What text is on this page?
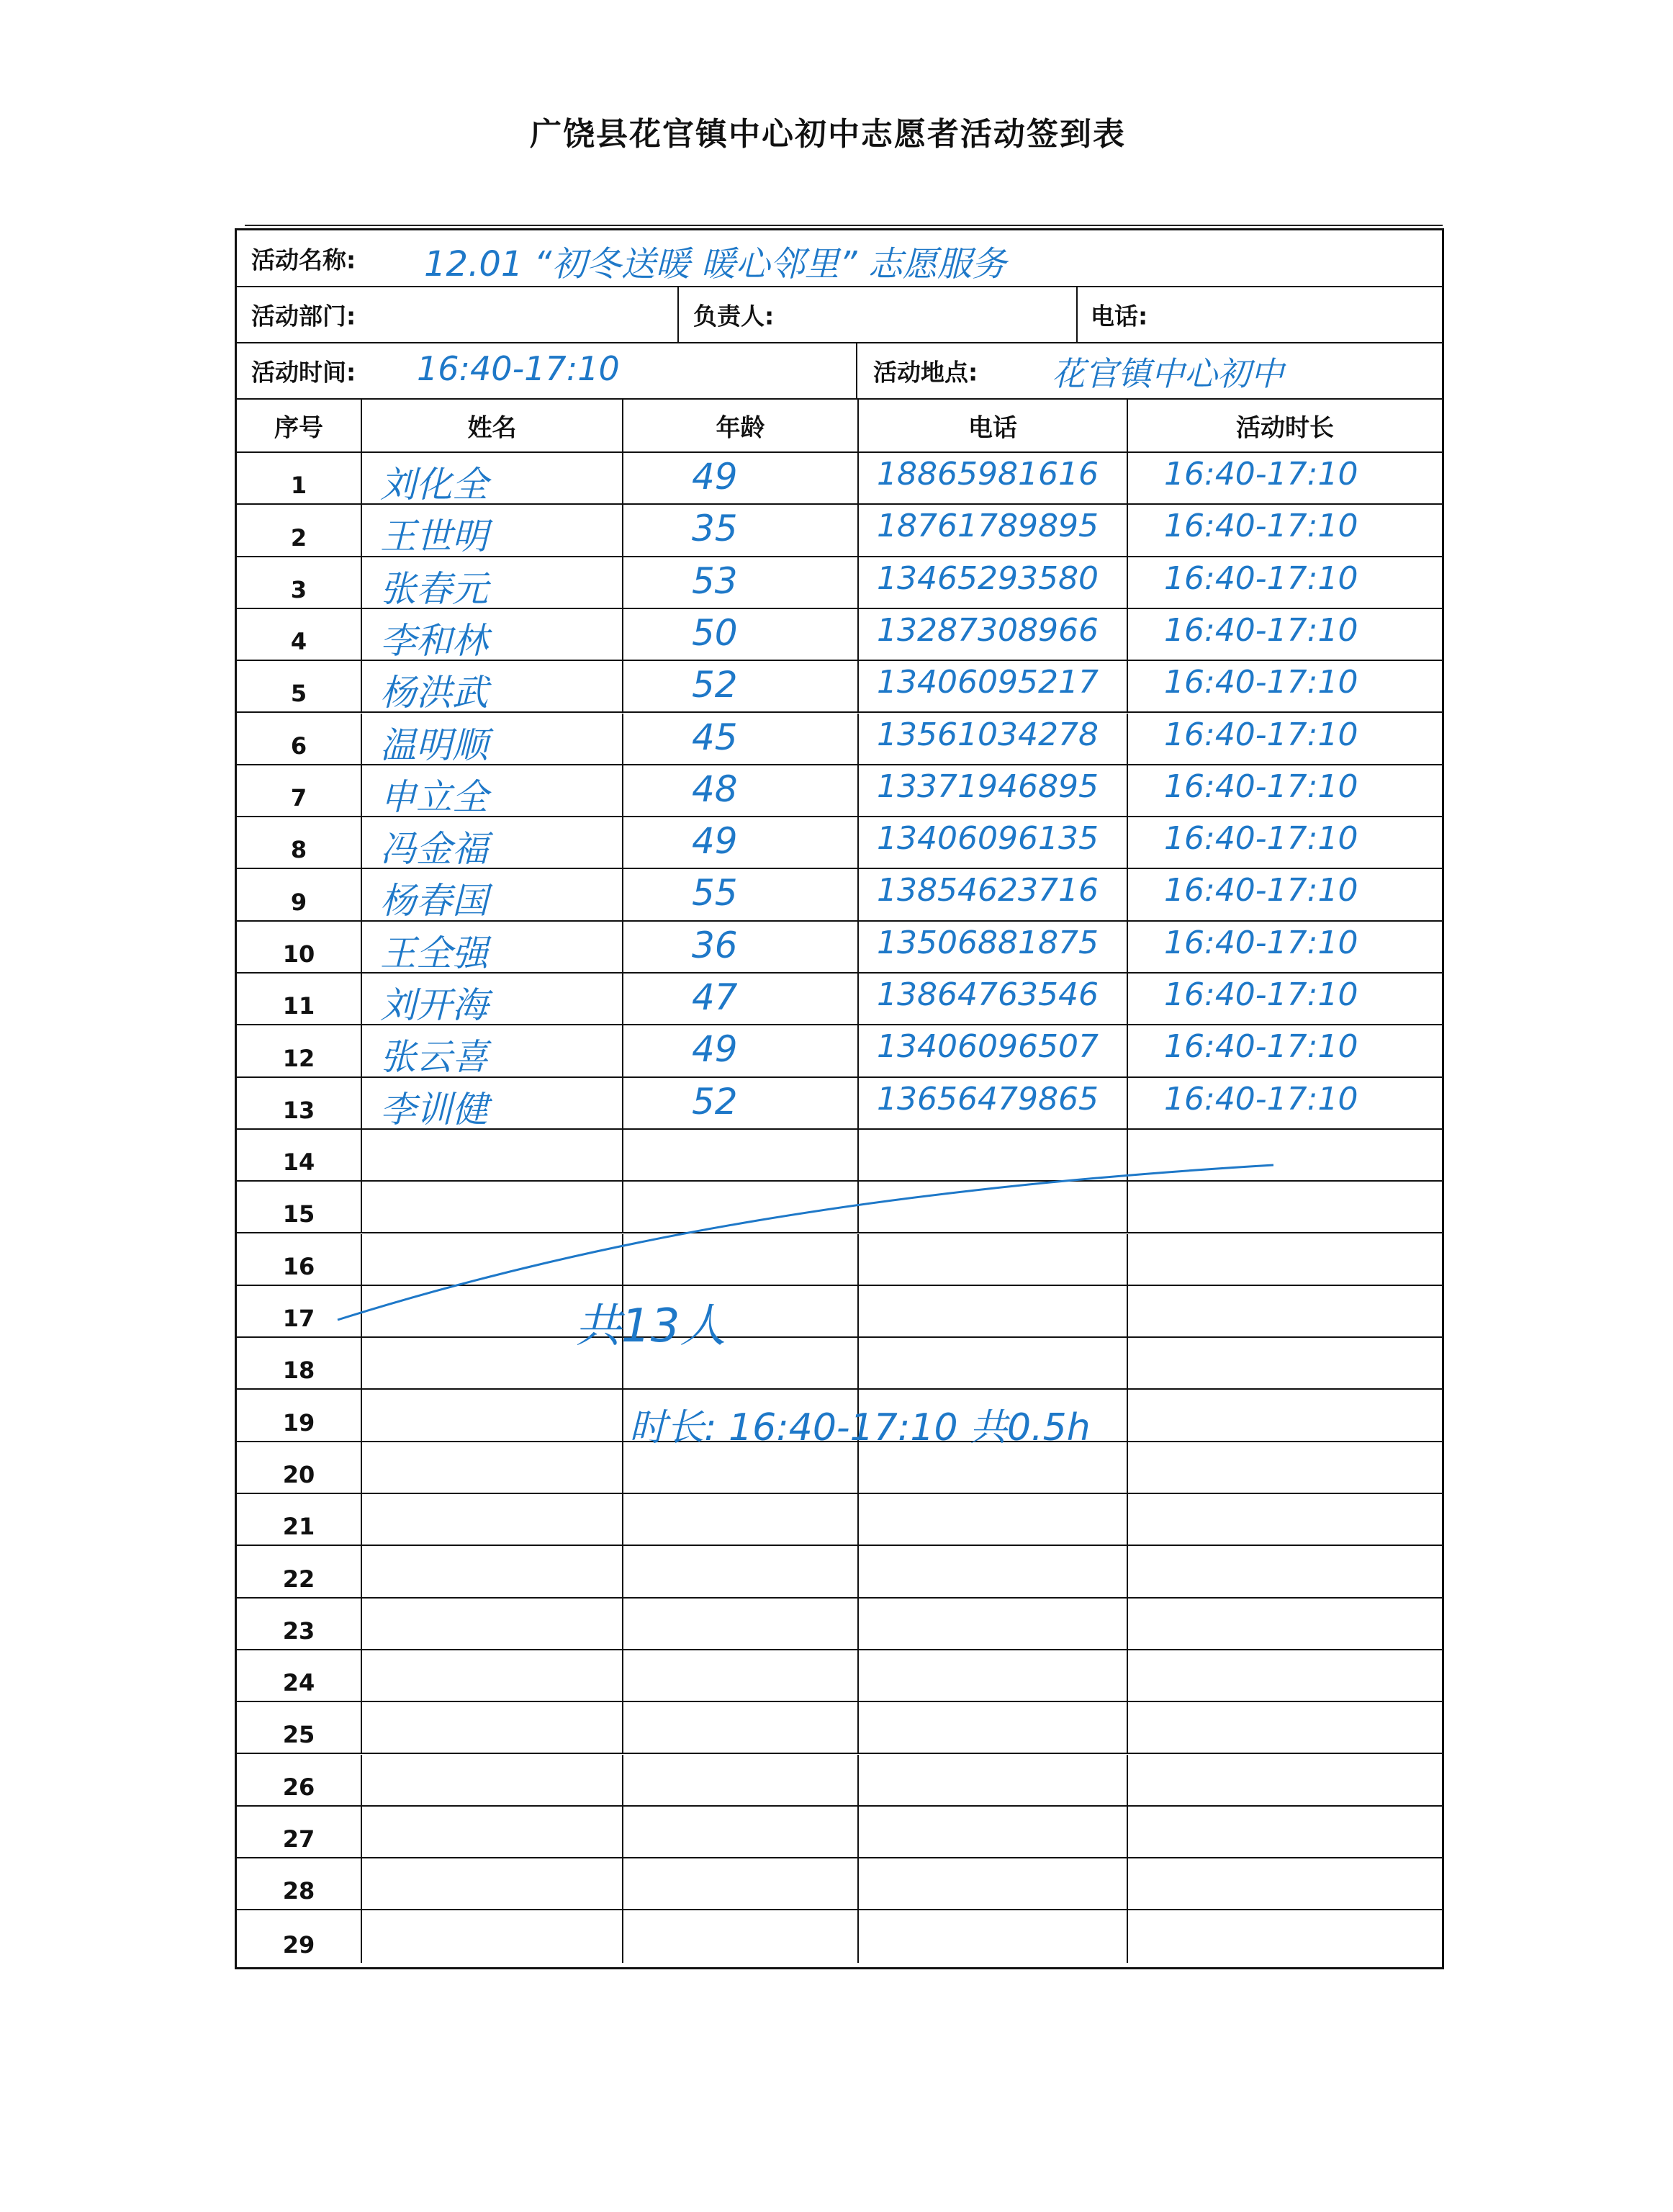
广饶县花官镇中心初中志愿者活动签到表
活动名称: 12.01 “初冬送暖 暖心邻里” 志愿服务
活动部门:	负责人:	电话:
活动时间: 16:40-17:10	活动地点: 花官镇中心初中
序号	姓名	年龄	电话	活动时长
1	刘化全	49	18865981616 16:40-17:10
2	王世明	35	18761789895 16:40-17:10
3	张春元	53	13465293580 16:40-17:10
4	李和林	50	13287308966 16:40-17:10
5	杨洪武	52	13406095217 16:40-17:10
6	温明顺	45	13561034278 16:40-17:10
7	申立全	48	13371946895 16:40-17:10
8	冯金福	49	13406096135 16:40-17:10
9	杨春国	55	13854623716 16:40-17:10
10	王全强	36	13506881875 16:40-17:10
11	刘开海	47	13864763546 16:40-17:10
12	张云喜	49	13406096507 16:40-17:10
13	李训健	52	13656479865 16:40-17:10
14
15
16
17
18
19
20
21
22
23
24
25
26
27
28
29
共13人
时长: 16:40-17:10 共0.5h
